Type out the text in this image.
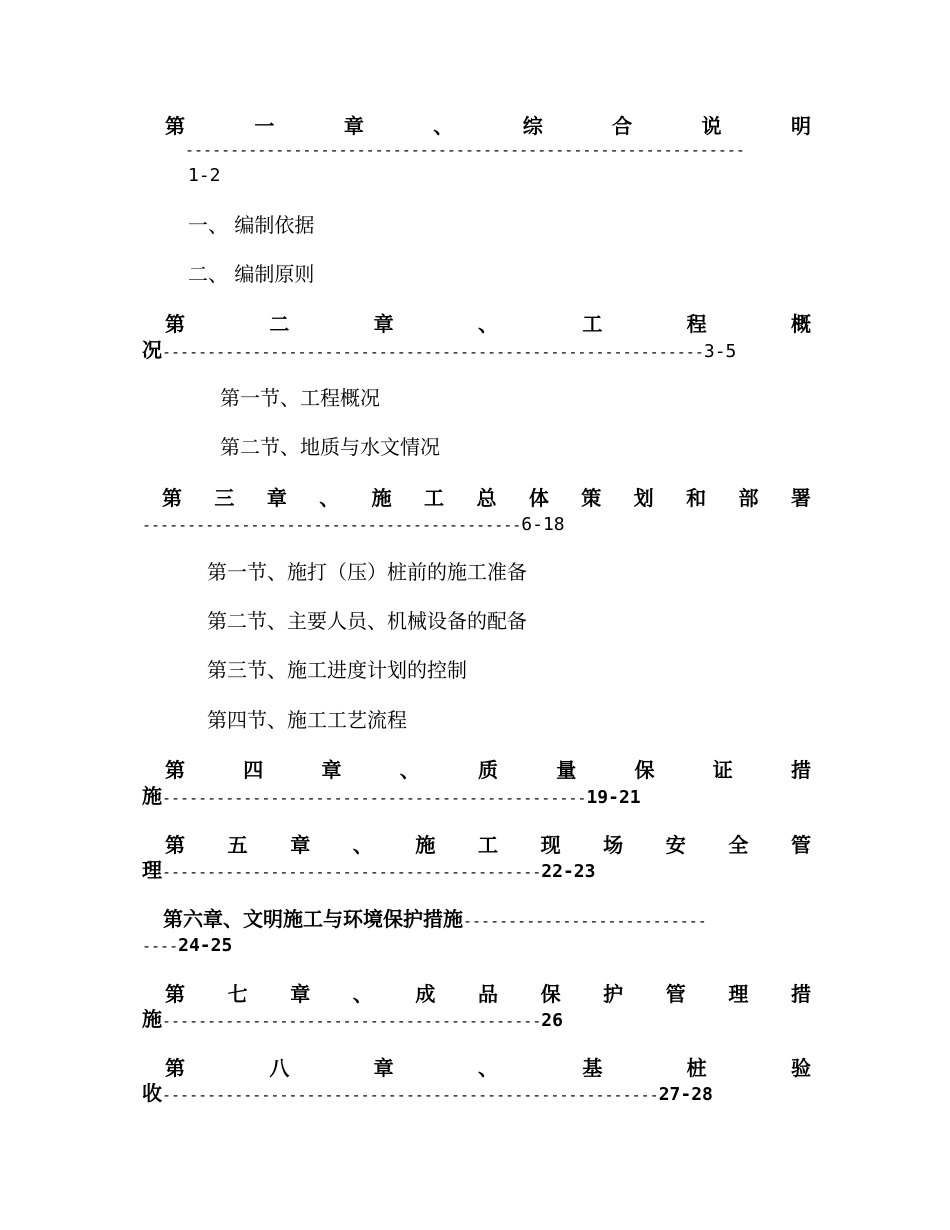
第	一	章	、	综	合	说	明
--------------------------------------------------------------
1-2
一、 编制依据
二、 编制原则
第	二	章	、	工	程	概
况------------------------------------------------------------3-5
第一节、工程概况
第二节、地质与水文情况
第 三 章 、 施 工 总 体 策 划 和 部 署
------------------------------------------6-18
第一节、施打（压）桩前的施工准备
第二节、主要人员、机械设备的配备
第三节、施工进度计划的控制
第四节、施工工艺流程
第	四	章	、	质	量	保	证	措
施-----------------------------------------------19-21
第 五 章 、 施 工 现 场 安 全 管
理------------------------------------------22-23
第六章、文明施工与环境保护措施---------------------------
----24-25
第 七 章 、 成 品 保 护 管 理 措
施------------------------------------------26
第	八	章	、	基	桩	验
收-------------------------------------------------------27-28
